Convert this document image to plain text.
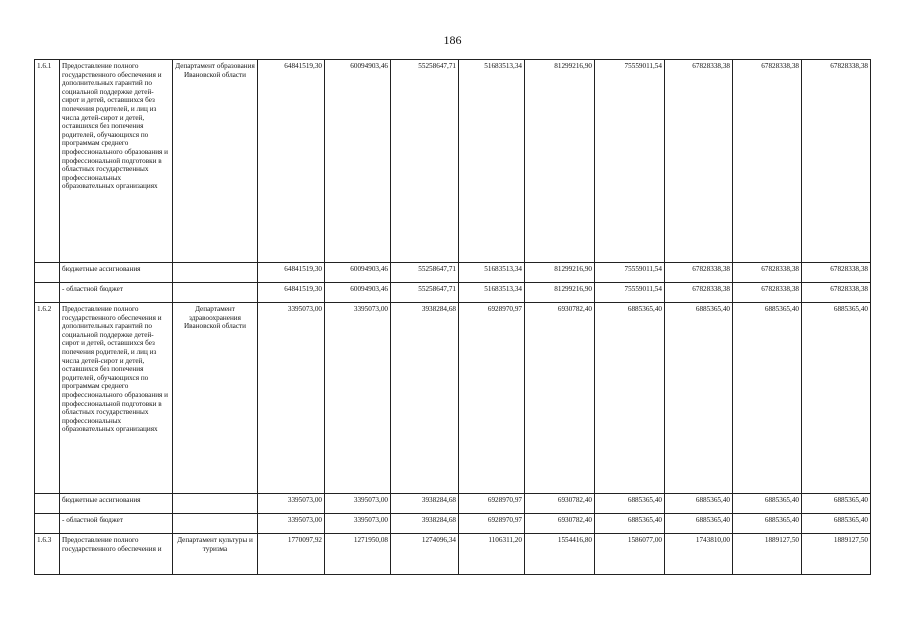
186
1.6.1	Предоставление полного государственного обеспечения и дополнительных гарантий по социальной поддержке детей-сирот и детей, оставшихся без попечения родителей, и лиц из числа детей-сирот и детей, оставшихся без попечения родителей, обучающихся по программам среднего профессионального образования и профессиональной подготовки в областных государственных профессиональных образовательных организациях	Департамент образования Ивановской области	64841519,30	60094903,46	55258647,71	51683513,34	81299216,90	75559011,54	67828338,38	67828338,38	67828338,38
	бюджетные ассигнования		64841519,30	60094903,46	55258647,71	51683513,34	81299216,90	75559011,54	67828338,38	67828338,38	67828338,38
	- областной бюджет		64841519,30	60094903,46	55258647,71	51683513,34	81299216,90	75559011,54	67828338,38	67828338,38	67828338,38
1.6.2	Предоставление полного государственного обеспечения и дополнительных гарантий по социальной поддержке детей-сирот и детей, оставшихся без попечения родителей, и лиц из числа детей-сирот и детей, оставшихся без попечения родителей, обучающихся по программам среднего профессионального образования и профессиональной подготовки в областных государственных профессиональных образовательных организациях	Департамент здравоохранения Ивановской области	3395073,00	3395073,00	3938284,68	6928970,97	6930782,40	6885365,40	6885365,40	6885365,40	6885365,40
	бюджетные ассигнования		3395073,00	3395073,00	3938284,68	6928970,97	6930782,40	6885365,40	6885365,40	6885365,40	6885365,40
	- областной бюджет		3395073,00	3395073,00	3938284,68	6928970,97	6930782,40	6885365,40	6885365,40	6885365,40	6885365,40
1.6.3	Предоставление полного государственного обеспечения и	Департамент культуры и туризма	1770097,92	1271950,08	1274096,34	1106311,20	1554416,80	1586077,00	1743810,00	1889127,50	1889127,50
